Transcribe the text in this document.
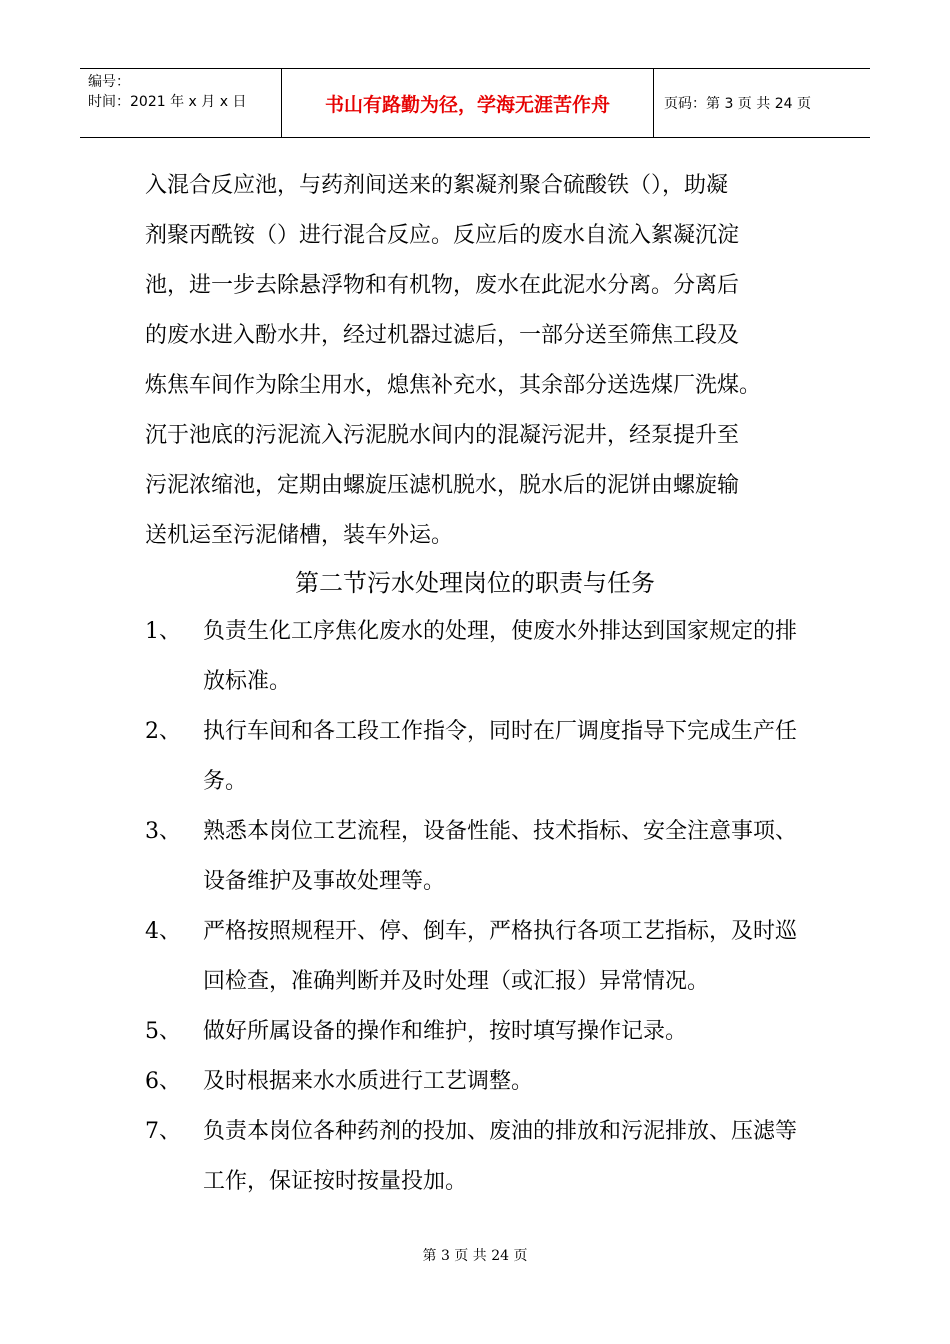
编号：
时间：2021 年 x 月 x 日	书山有路勤为径，学海无涯苦作舟	页码：第 3 页 共 24 页

入混合反应池，与药剂间送来的絮凝剂聚合硫酸铁（），助凝

剂聚丙酰铵（）进行混合反应。反应后的废水自流入絮凝沉淀

池，进一步去除悬浮物和有机物，废水在此泥水分离。分离后

的废水进入酚水井，经过机器过滤后，一部分送至筛焦工段及

炼焦车间作为除尘用水，熄焦补充水，其余部分送选煤厂洗煤。

沉于池底的污泥流入污泥脱水间内的混凝污泥井，经泵提升至

污泥浓缩池，定期由螺旋压滤机脱水，脱水后的泥饼由螺旋输

送机运至污泥储槽，装车外运。

第二节污水处理岗位的职责与任务
1、	负责生化工序焦化废水的处理，使废水外排达到国家规定的排放标准。
2、	执行车间和各工段工作指令，同时在厂调度指导下完成生产任务。
3、	熟悉本岗位工艺流程，设备性能、技术指标、安全注意事项、设备维护及事故处理等。
4、	严格按照规程开、停、倒车，严格执行各项工艺指标，及时巡回检查，准确判断并及时处理（或汇报）异常情况。
5、	做好所属设备的操作和维护，按时填写操作记录。
6、	及时根据来水水质进行工艺调整。
7、	负责本岗位各种药剂的投加、废油的排放和污泥排放、压滤等工作，保证按时按量投加。
第 3 页 共 24 页
